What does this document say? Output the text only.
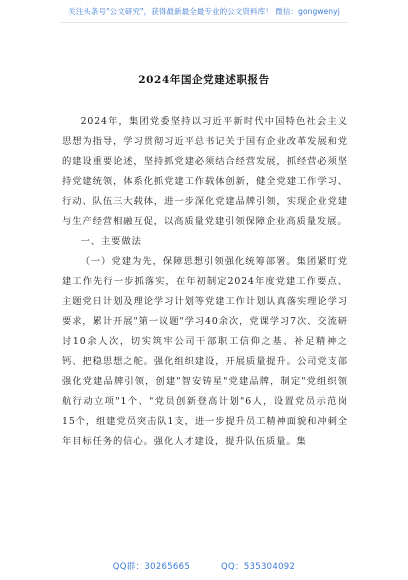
关注头条号"公文研究"，获得最新最全最专业的公文资料库！ 微信：gongwenyj
2024年国企党建述职报告

2024年，集团党委坚持以习近平新时代中国特色社会主义思想为指导，学习贯彻习近平总书记关于国有企业改革发展和党的建设重要论述，坚持抓党建必须结合经营发展，抓经营必须坚持党建统领，体系化抓党建工作载体创新，健全党建工作学习、行动、队伍三大载体，进一步深化党建品牌引领，实现企业党建与生产经营相融互促，以高质量党建引领保障企业高质量发展。

一、主要做法

（一）党建为先，保障思想引领强化统筹部署。集团紧盯党建工作先行一步抓落实，在年初制定2024年度党建工作要点、主题党日计划及理论学习计划等党建工作计划认真落实理论学习要求，累计开展"第一议题"学习40余次，党课学习7次、交流研讨10余人次，切实筑牢公司干部职工信仰之基、补足精神之钙、把稳思想之舵。强化组织建设，开展质量提升。公司党支部强化党建品牌引领，创建"智安铸星"党建品牌，制定"党组织领航行动立项"1个、"党员创新登高计划"6人，设置党员示范岗15个，组建党员突击队1支，进一步提升员工精神面貌和冲刺全年目标任务的信心。强化人才建设，提升队伍质量。集

QQ群：30265665	QQ：535304092
